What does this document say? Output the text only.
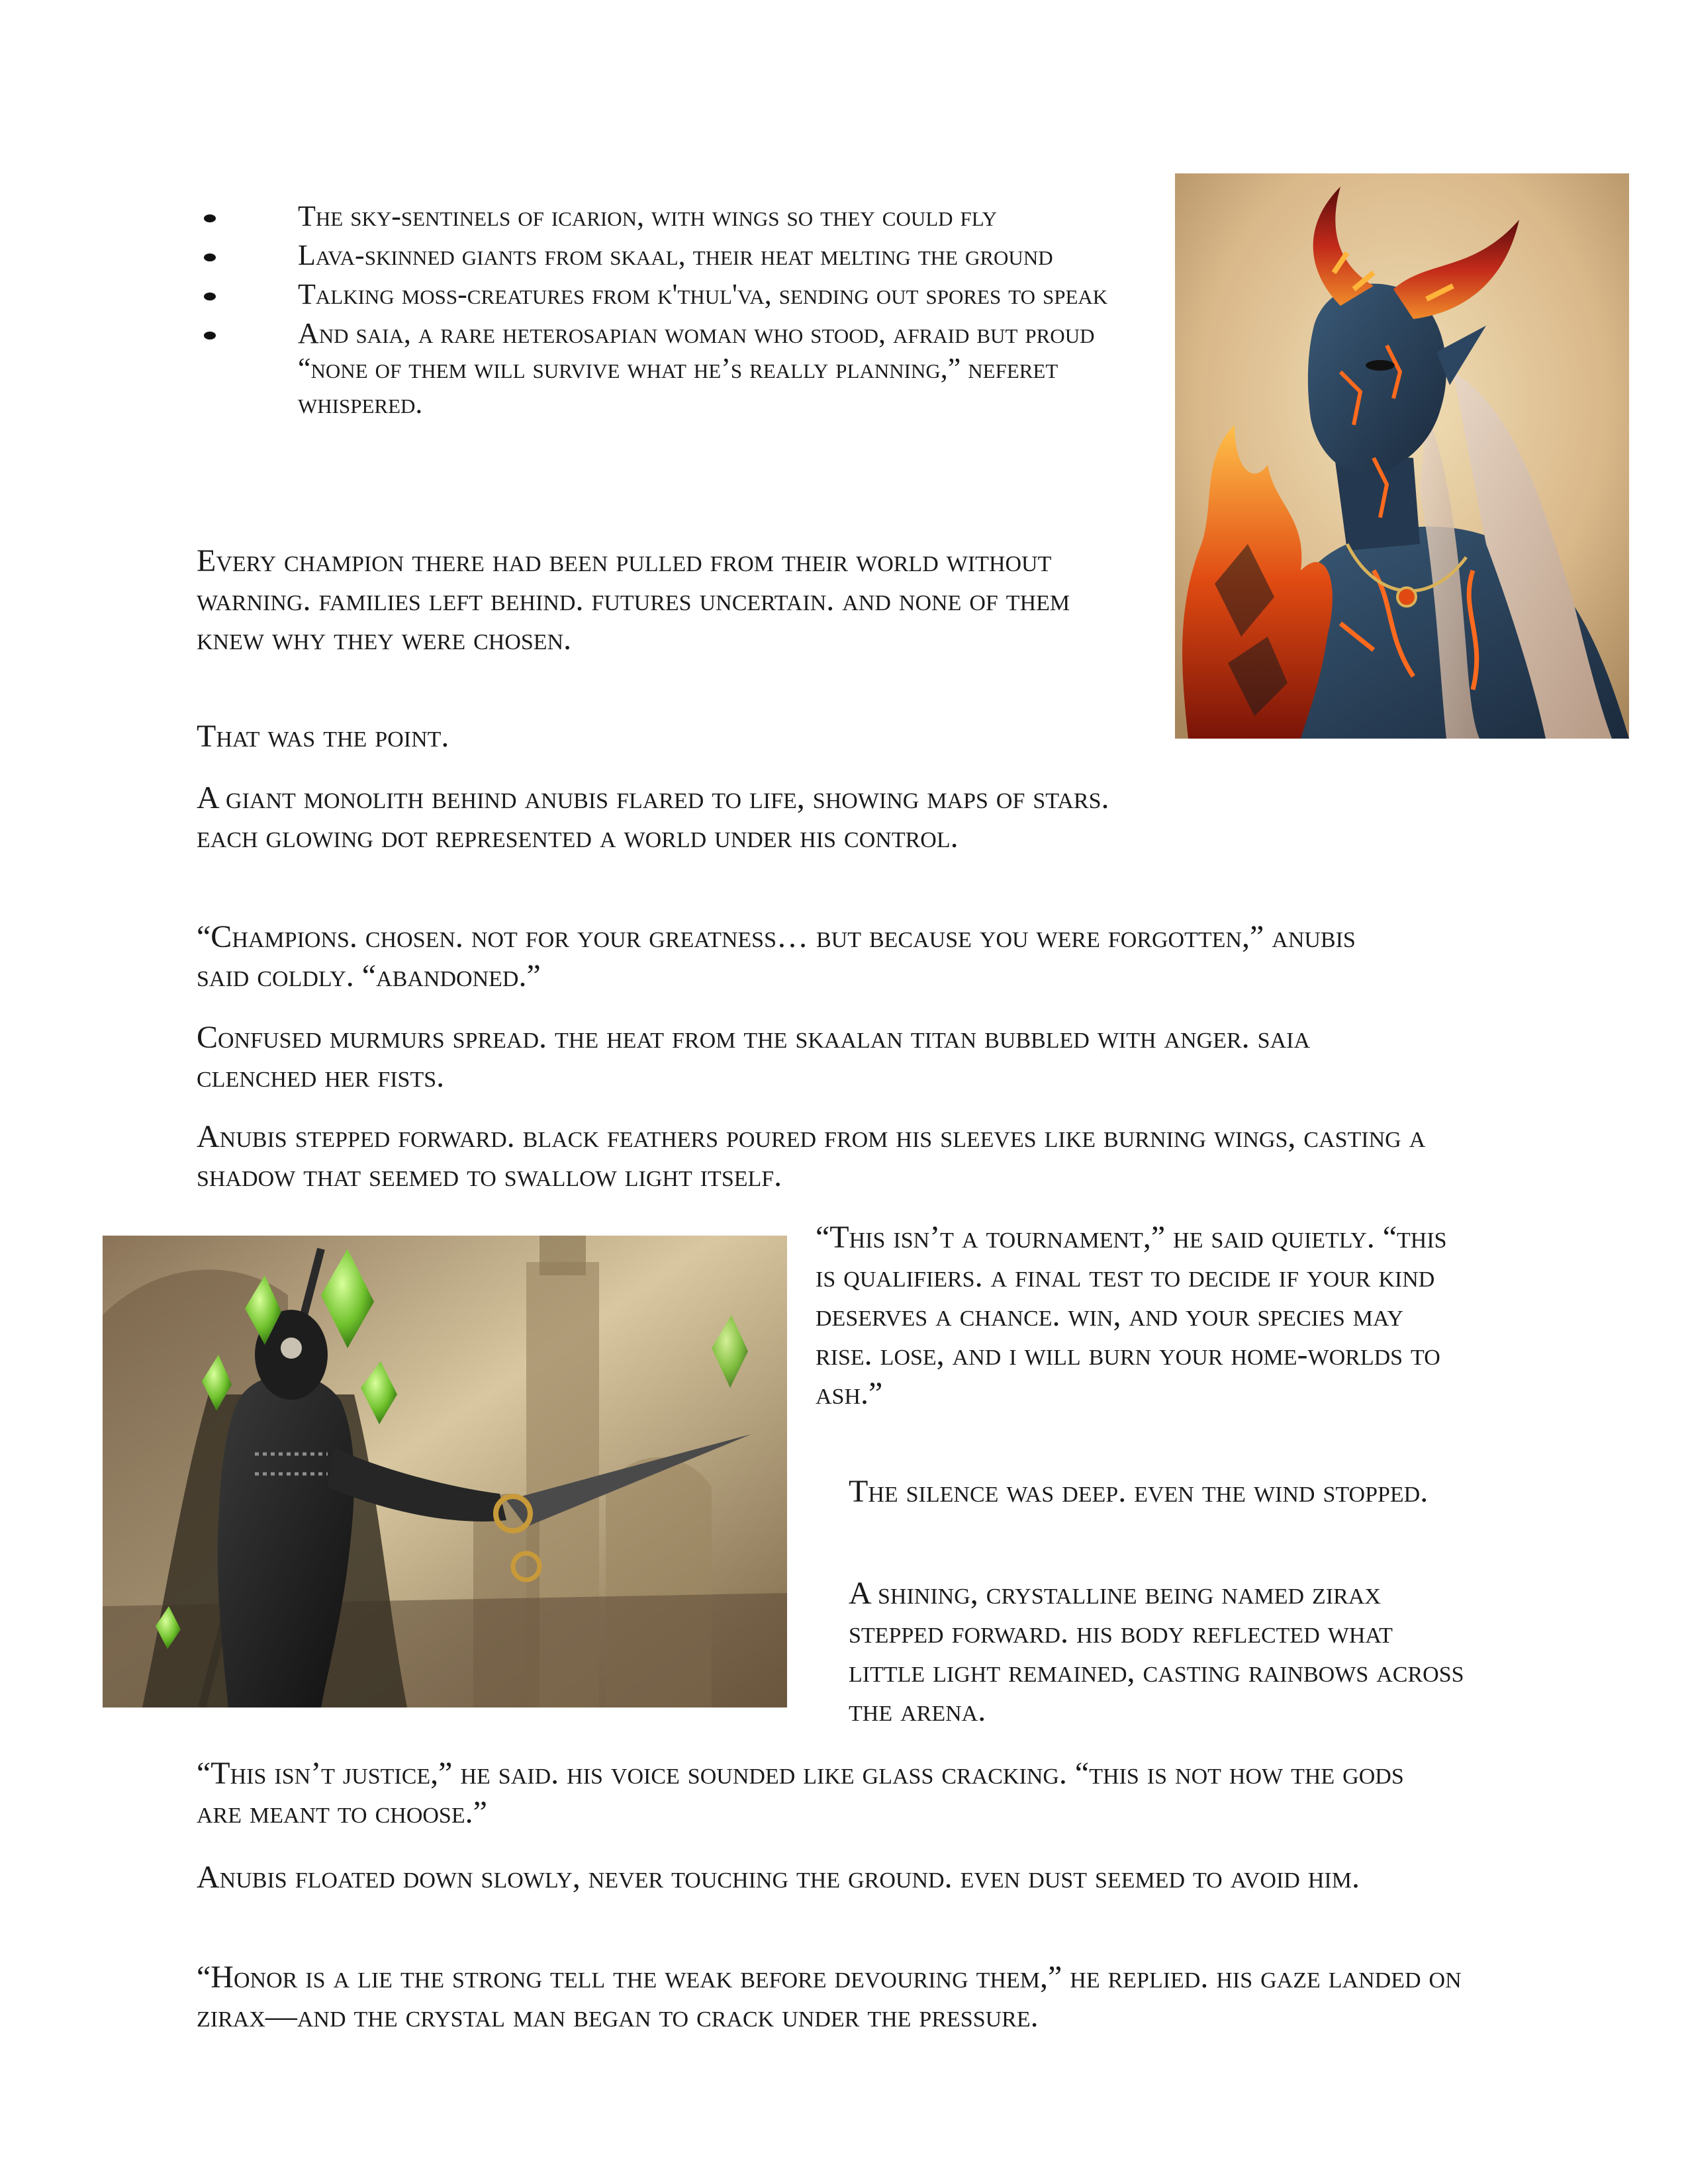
The sky-sentinels of icarion, with wings so they could fly

Lava-skinned giants from skaal, their heat melting the ground

Talking moss-creatures from k'thul'va, sending out spores to speak

And saia, a rare heterosapian woman who stood, afraid but proud “none of them will survive what he’s really planning,” neferet whispered.

Every champion there had been pulled from their world without warning. families left behind. futures uncertain. and none of them knew why they were chosen.

That was the point.

A giant monolith behind anubis flared to life, showing maps of stars. each glowing dot represented a world under his control.

“Champions. chosen. not for your greatness… but because you were forgotten,” anubis said coldly. “abandoned.”

Confused murmurs spread. the heat from the skaalan titan bubbled with anger. saia clenched her fists.

Anubis stepped forward. black feathers poured from his sleeves like burning wings, casting a shadow that seemed to swallow light itself.

“This isn’t a tournament,” he said quietly. “this is qualifiers. a final test to decide if your kind deserves a chance. win, and your species may rise. lose, and i will burn your home-worlds to ash.”

The silence was deep. even the wind stopped.

A shining, crystalline being named zirax stepped forward. his body reflected what little light remained, casting rainbows across the arena.

“This isn’t justice,” he said. his voice sounded like glass cracking. “this is not how the gods are meant to choose.”

Anubis floated down slowly, never touching the ground. even dust seemed to avoid him.

“Honor is a lie the strong tell the weak before devouring them,” he replied. his gaze landed on zirax—and the crystal man began to crack under the pressure.
